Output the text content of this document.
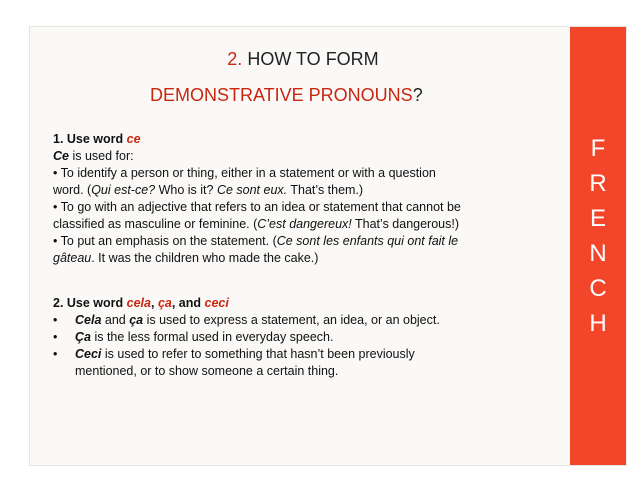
2. HOW TO FORM
DEMONSTRATIVE PRONOUNS?

1. Use word ce

Ce is used for:

• To identify a person or thing, either in a statement or with a question

word. (Qui est-ce? Who is it? Ce sont eux. That’s them.)

• To go with an adjective that refers to an idea or statement that cannot be

classified as masculine or feminine. (C’est dangereux! That’s dangerous!)

• To put an emphasis on the statement. (Ce sont les enfants qui ont fait le

gâteau. It was the children who made the cake.)

2. Use word cela, ça, and ceci

•	Cela and ça is used to express a statement, an idea, or an object.
•	Ça is the less formal used in everyday speech.
•	Ceci is used to refer to something that hasn’t been previously
mentioned, or to show someone a certain thing.
F
R
E
N
C
H
